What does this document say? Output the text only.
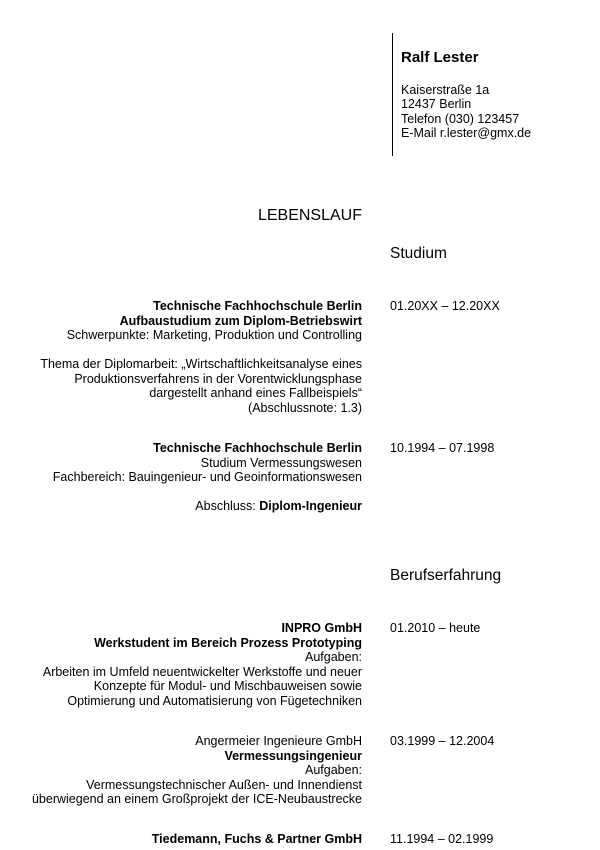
Ralf Lester
Kaiserstraße 1a
12437 Berlin
Telefon (030) 123457
E-Mail r.lester@gmx.de
LEBENSLAUF
Studium
Technische Fachhochschule Berlin
Aufbaustudium zum Diplom-Betriebswirt
Schwerpunkte: Marketing, Produktion und Controlling
Thema der Diplomarbeit: „Wirtschaftlichkeitsanalyse eines
Produktionsverfahrens in der Vorentwicklungsphase
dargestellt anhand eines Fallbeispiels“
(Abschlussnote: 1.3)
01.20XX – 12.20XX
Technische Fachhochschule Berlin
Studium Vermessungswesen
Fachbereich: Bauingenieur- und Geoinformationswesen
Abschluss: Diplom-Ingenieur
10.1994 – 07.1998
Berufserfahrung
INPRO GmbH
Werkstudent im Bereich Prozess Prototyping
Aufgaben:
Arbeiten im Umfeld neuentwickelter Werkstoffe und neuer
Konzepte für Modul- und Mischbauweisen sowie
Optimierung und Automatisierung von Fügetechniken
01.2010 – heute
Angermeier Ingenieure GmbH
Vermessungsingenieur
Aufgaben:
Vermessungstechnischer Außen- und Innendienst
überwiegend an einem Großprojekt der ICE-Neubaustrecke
03.1999 – 12.2004
Tiedemann, Fuchs & Partner GmbH 11.1994 – 02.1999
